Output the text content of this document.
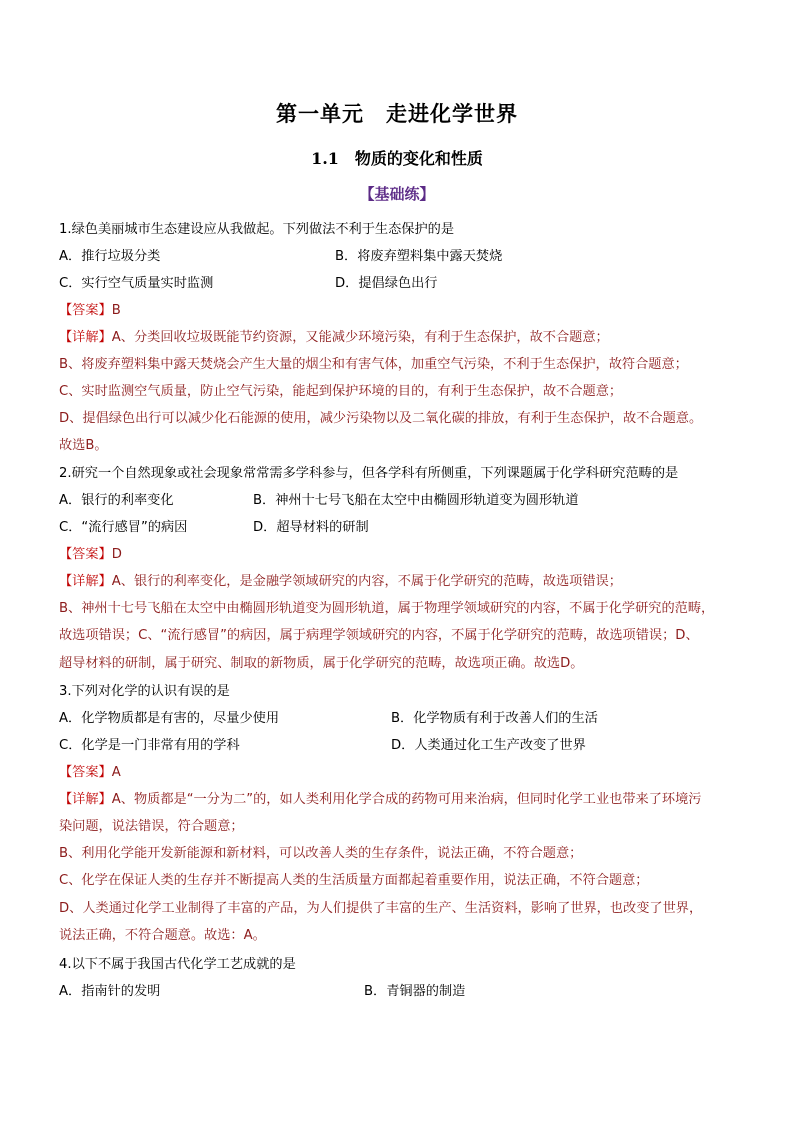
第一单元 走进化学世界
1.1 物质的变化和性质
【基础练】
1.绿色美丽城市生态建设应从我做起。下列做法不利于生态保护的是
A．推行垃圾分类	B．将废弃塑料集中露天焚烧
C．实行空气质量实时监测	D．提倡绿色出行
【答案】B
【详解】A、分类回收垃圾既能节约资源，又能减少环境污染，有利于生态保护，故不合题意；
B、将废弃塑料集中露天焚烧会产生大量的烟尘和有害气体，加重空气污染，不利于生态保护，故符合题意；
C、实时监测空气质量，防止空气污染，能起到保护环境的目的，有利于生态保护，故不合题意；
D、提倡绿色出行可以减少化石能源的使用，减少污染物以及二氧化碳的排放，有利于生态保护，故不合题意。
故选B。
2.研究一个自然现象或社会现象常常需多学科参与，但各学科有所侧重，下列课题属于化学科研究范畴的是
A．银行的利率变化	B．神州十七号飞船在太空中由椭圆形轨道变为圆形轨道
C．“流行感冒”的病因	D．超导材料的研制
【答案】D
【详解】A、银行的利率变化，是金融学领域研究的内容，不属于化学研究的范畴，故选项错误；
B、神州十七号飞船在太空中由椭圆形轨道变为圆形轨道，属于物理学领域研究的内容，不属于化学研究的范畴，
故选项错误；C、“流行感冒”的病因，属于病理学领域研究的内容，不属于化学研究的范畴，故选项错误；D、
超导材料的研制，属于研究、制取的新物质，属于化学研究的范畴，故选项正确。故选D。
3.下列对化学的认识有误的是
A．化学物质都是有害的，尽量少使用	B．化学物质有利于改善人们的生活
C．化学是一门非常有用的学科	D．人类通过化工生产改变了世界
【答案】A
【详解】A、物质都是“一分为二”的，如人类利用化学合成的药物可用来治病，但同时化学工业也带来了环境污
染问题，说法错误，符合题意；
B、利用化学能开发新能源和新材料，可以改善人类的生存条件，说法正确，不符合题意；
C、化学在保证人类的生存并不断提高人类的生活质量方面都起着重要作用，说法正确，不符合题意；
D、人类通过化学工业制得了丰富的产品，为人们提供了丰富的生产、生活资料，影响了世界，也改变了世界，
说法正确，不符合题意。故选：A。
4.以下不属于我国古代化学工艺成就的是
A．指南针的发明	B．青铜器的制造
